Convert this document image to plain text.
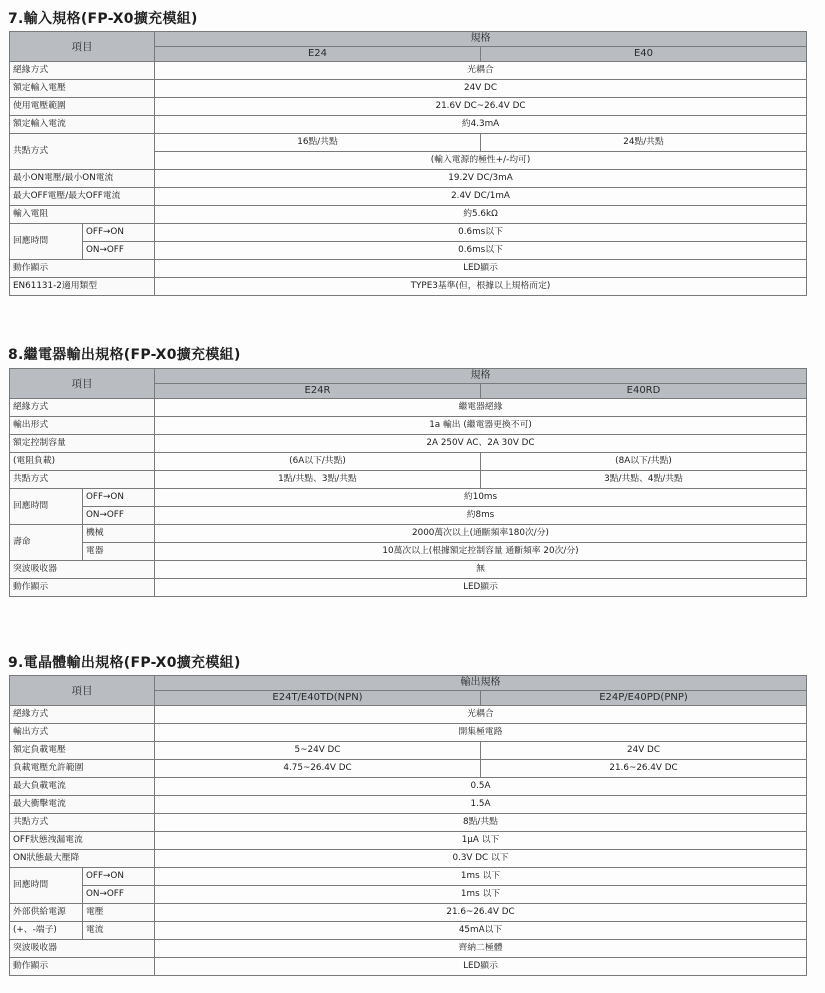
7.輸入規格(FP-X0擴充模組)
項目		規格	
		E24	E40
絕緣方式		光耦合	
額定輸入電壓		24V DC	
使用電壓範圍		21.6V DC~26.4V DC	
額定輸入電流		約4.3mA	
共點方式		16點/共點	24點/共點
		(輸入電源的極性+/-均可)	
最小ON電壓/最小ON電流		19.2V DC/3mA	
最大OFF電壓/最大OFF電流		2.4V DC/1mA	
輸入電阻		約5.6kΩ	
回應時間	OFF→ON	0.6ms以下	
	ON→OFF	0.6ms以下	
動作顯示		LED顯示	
EN61131-2適用類型		TYPE3基準(但，根據以上規格而定)	
8.繼電器輸出規格(FP-X0擴充模組)
項目		規格	
		E24R	E40RD
絕緣方式		繼電器絕緣	
輸出形式		1a 輸出 (繼電器更換不可)	
額定控制容量		2A 250V AC、2A 30V DC	
(電阻負載)		(6A以下/共點)	(8A以下/共點)
共點方式		1點/共點、3點/共點	3點/共點、4點/共點
回應時間	OFF→ON	約10ms	
	ON→OFF	約8ms	
壽命	機械	2000萬次以上(通斷頻率180次/分)	
	電器	10萬次以上(根據額定控制容量 通斷頻率 20次/分)	
突波吸收器		無	
動作顯示		LED顯示	
9.電晶體輸出規格(FP-X0擴充模組)
項目		輸出規格	
		E24T/E40TD(NPN)	E24P/E40PD(PNP)
絕緣方式		光耦合	
輸出方式		開集極電路	
額定負載電壓		5~24V DC	24V DC
負載電壓允許範圍		4.75~26.4V DC	21.6~26.4V DC
最大負載電流		0.5A	
最大衝擊電流		1.5A	
共點方式		8點/共點	
OFF狀態洩漏電流		1μA 以下	
ON狀態最大壓降		0.3V DC 以下	
回應時間	OFF→ON	1ms 以下	
	ON→OFF	1ms 以下	
外部供給電源	電壓	21.6~26.4V DC	
(+、-端子)	電流	45mA以下	
突波吸收器		齊納二極體	
動作顯示		LED顯示	
